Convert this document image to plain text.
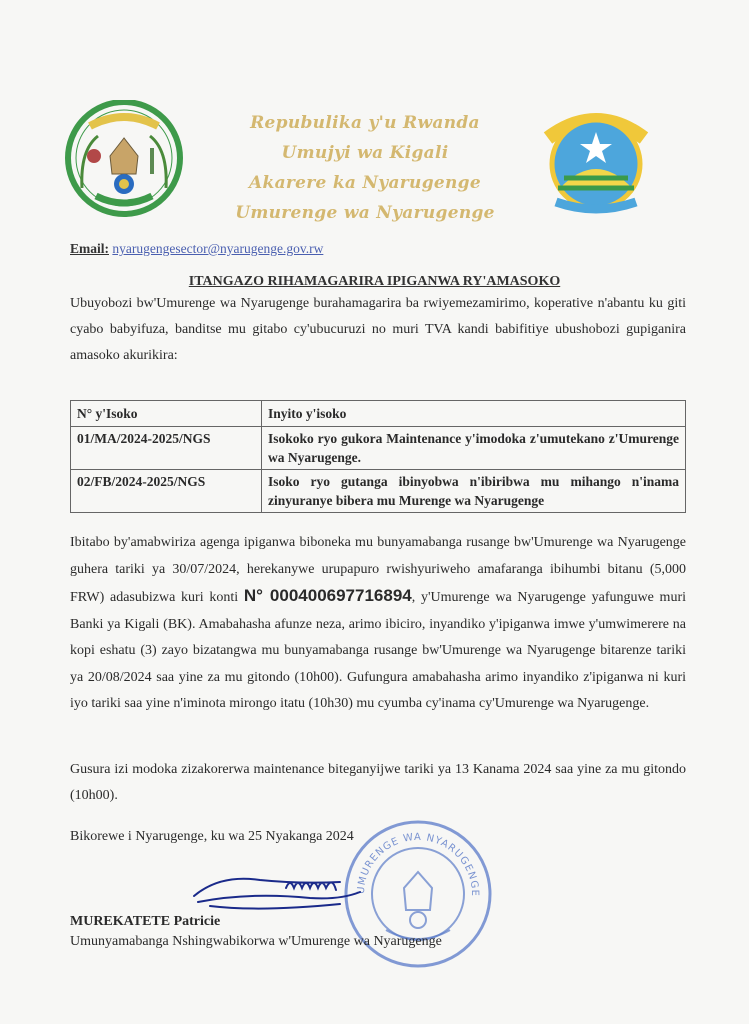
Repubulika y'u Rwanda
Umujyi wa Kigali
Akarere ka Nyarugenge
Umurenge wa Nyarugenge
Email: nyarugengesector@nyarugenge.gov.rw
ITANGAZO RIHAMAGARIRA IPIGANWA RY'AMASOKO
Ubuyobozi bw'Umurenge wa Nyarugenge burahamagarira ba rwiyemezamirimo, koperative n'abantu ku giti cyabo babyifuza, banditse mu gitabo cy'ubucuruzi no muri TVA kandi babifitiye ubushobozi gupiganira amasoko akurikira:
N° y'Isoko	Inyito y'isoko
01/MA/2024-2025/NGS	Isokoko ryo gukora Maintenance y'imodoka z'umutekano z'Umurenge wa Nyarugenge.
02/FB/2024-2025/NGS	Isoko ryo gutanga ibinyobwa n'ibiribwa mu mihango n'inama zinyuranye bibera mu Murenge wa Nyarugenge
Ibitabo by'amabwiriza agenga ipiganwa biboneka mu bunyamabanga rusange bw'Umurenge wa Nyarugenge guhera tariki ya 30/07/2024, herekanywe urupapuro rwishyuriweho amafaranga ibihumbi bitanu (5,000 FRW) adasubizwa kuri konti N° 000400697716894, y'Umurenge wa Nyarugenge yafunguwe muri Banki ya Kigali (BK). Amabahasha afunze neza, arimo ibiciro, inyandiko y'ipiganwa imwe y'umwimerere na kopi eshatu (3) zayo bizatangwa mu bunyamabanga rusange bw'Umurenge wa Nyarugenge bitarenze tariki ya 20/08/2024 saa yine za mu gitondo (10h00). Gufungura amabahasha arimo inyandiko z'ipiganwa ni kuri iyo tariki saa yine n'iminota mirongo itatu (10h30) mu cyumba cy'inama cy'Umurenge wa Nyarugenge.
Gusura izi modoka zizakorerwa maintenance biteganyijwe tariki ya 13 Kanama 2024 saa yine za mu gitondo (10h00).
Bikorewe i Nyarugenge, ku wa 25 Nyakanga 2024
UMURENGE WA NYARUGENGE
MUREKATETE Patricie
Umunyamabanga Nshingwabikorwa w'Umurenge wa Nyarugenge
